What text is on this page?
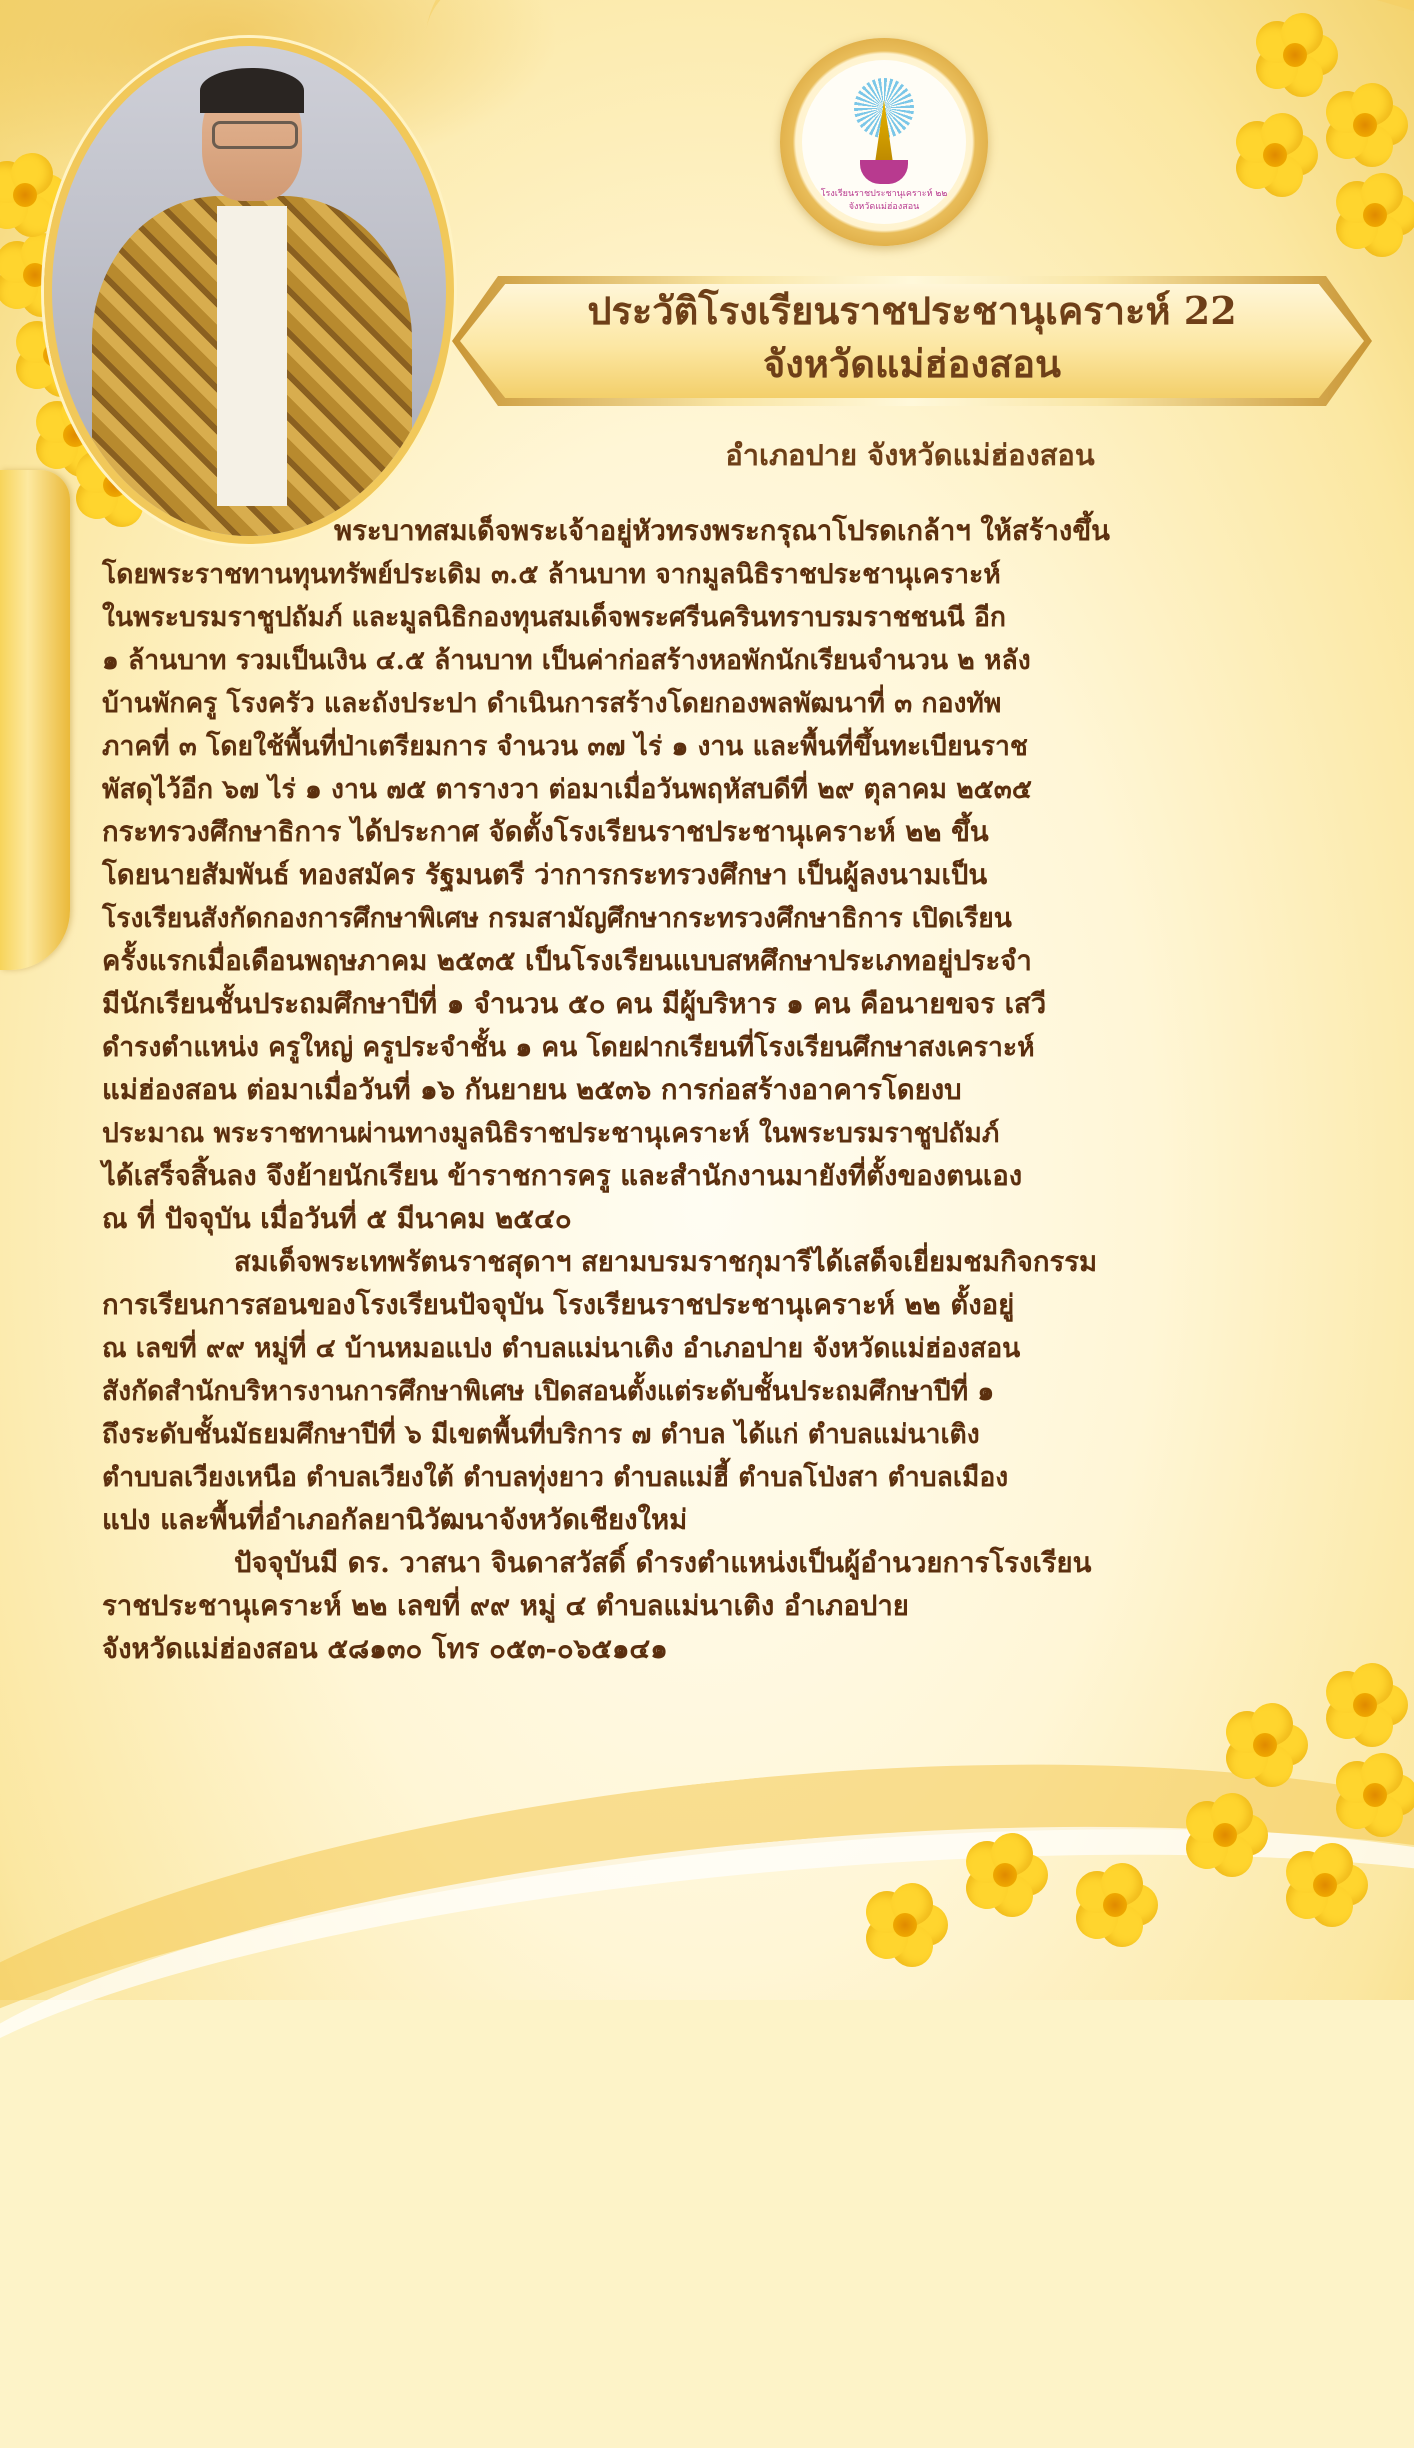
โรงเรียนราชประชานุเคราะห์ ๒๒
จังหวัดแม่ฮ่องสอน
ประวัติโรงเรียนราชประชานุเคราะห์ 22
จังหวัดแม่ฮ่องสอน
อำเภอปาย จังหวัดแม่ฮ่องสอน
พระบาทสมเด็จพระเจ้าอยู่หัวทรงพระกรุณาโปรดเกล้าฯ ให้สร้างขึ้น
โดยพระราชทานทุนทรัพย์ประเดิม ๓.๕ ล้านบาท จากมูลนิธิราชประชานุเคราะห์
ในพระบรมราชูปถัมภ์ และมูลนิธิกองทุนสมเด็จพระศรีนครินทราบรมราชชนนี อีก
๑ ล้านบาท รวมเป็นเงิน ๔.๕ ล้านบาท เป็นค่าก่อสร้างหอพักนักเรียนจำนวน ๒ หลัง
บ้านพักครู โรงครัว และถังประปา ดำเนินการสร้างโดยกองพลพัฒนาที่ ๓ กองทัพ
ภาคที่ ๓ โดยใช้พื้นที่ป่าเตรียมการ จำนวน ๓๗ ไร่ ๑ งาน และพื้นที่ขึ้นทะเบียนราช
พัสดุไว้อีก ๖๗ ไร่ ๑ งาน ๗๕ ตารางวา ต่อมาเมื่อวันพฤหัสบดีที่ ๒๙ ตุลาคม ๒๕๓๕
กระทรวงศึกษาธิการ ได้ประกาศ จัดตั้งโรงเรียนราชประชานุเคราะห์ ๒๒ ขึ้น
โดยนายสัมพันธ์ ทองสมัคร รัฐมนตรี ว่าการกระทรวงศึกษา เป็นผู้ลงนามเป็น
โรงเรียนสังกัดกองการศึกษาพิเศษ กรมสามัญศึกษากระทรวงศึกษาธิการ เปิดเรียน
ครั้งแรกเมื่อเดือนพฤษภาคม ๒๕๓๕ เป็นโรงเรียนแบบสหศึกษาประเภทอยู่ประจำ
มีนักเรียนชั้นประถมศึกษาปีที่ ๑ จำนวน ๕๐ คน มีผู้บริหาร ๑ คน คือนายขจร เสวี
ดำรงตำแหน่ง ครูใหญ่ ครูประจำชั้น ๑ คน โดยฝากเรียนที่โรงเรียนศึกษาสงเคราะห์
แม่ฮ่องสอน ต่อมาเมื่อวันที่ ๑๖ กันยายน ๒๕๓๖ การก่อสร้างอาคารโดยงบ
ประมาณ พระราชทานผ่านทางมูลนิธิราชประชานุเคราะห์ ในพระบรมราชูปถัมภ์
ได้เสร็จสิ้นลง จึงย้ายนักเรียน ข้าราชการครู และสำนักงานมายังที่ตั้งของตนเอง
ณ ที่ ปัจจุบัน เมื่อวันที่ ๕ มีนาคม ๒๕๔๐
สมเด็จพระเทพรัตนราชสุดาฯ สยามบรมราชกุมารีได้เสด็จเยี่ยมชมกิจกรรม
การเรียนการสอนของโรงเรียนปัจจุบัน โรงเรียนราชประชานุเคราะห์ ๒๒ ตั้งอยู่
ณ เลขที่ ๙๙ หมู่ที่ ๔ บ้านหมอแปง ตำบลแม่นาเติง อำเภอปาย จังหวัดแม่ฮ่องสอน
สังกัดสำนักบริหารงานการศึกษาพิเศษ เปิดสอนตั้งแต่ระดับชั้นประถมศึกษาปีที่ ๑
ถึงระดับชั้นมัธยมศึกษาปีที่ ๖ มีเขตพื้นที่บริการ ๗ ตำบล ได้แก่ ตำบลแม่นาเติง
ตำบบลเวียงเหนือ ตำบลเวียงใต้ ตำบลทุ่งยาว ตำบลแม่ฮี้ ตำบลโป่งสา ตำบลเมือง
แปง และพื้นที่อำเภอกัลยานิวัฒนาจังหวัดเชียงใหม่
ปัจจุบันมี ดร. วาสนา จินดาสวัสดิ์ ดำรงตำแหน่งเป็นผู้อำนวยการโรงเรียน
ราชประชานุเคราะห์ ๒๒ เลขที่ ๙๙ หมู่ ๔ ตำบลแม่นาเติง อำเภอปาย
จังหวัดแม่ฮ่องสอน ๕๘๑๓๐ โทร ๐๕๓-๐๖๕๑๔๑
